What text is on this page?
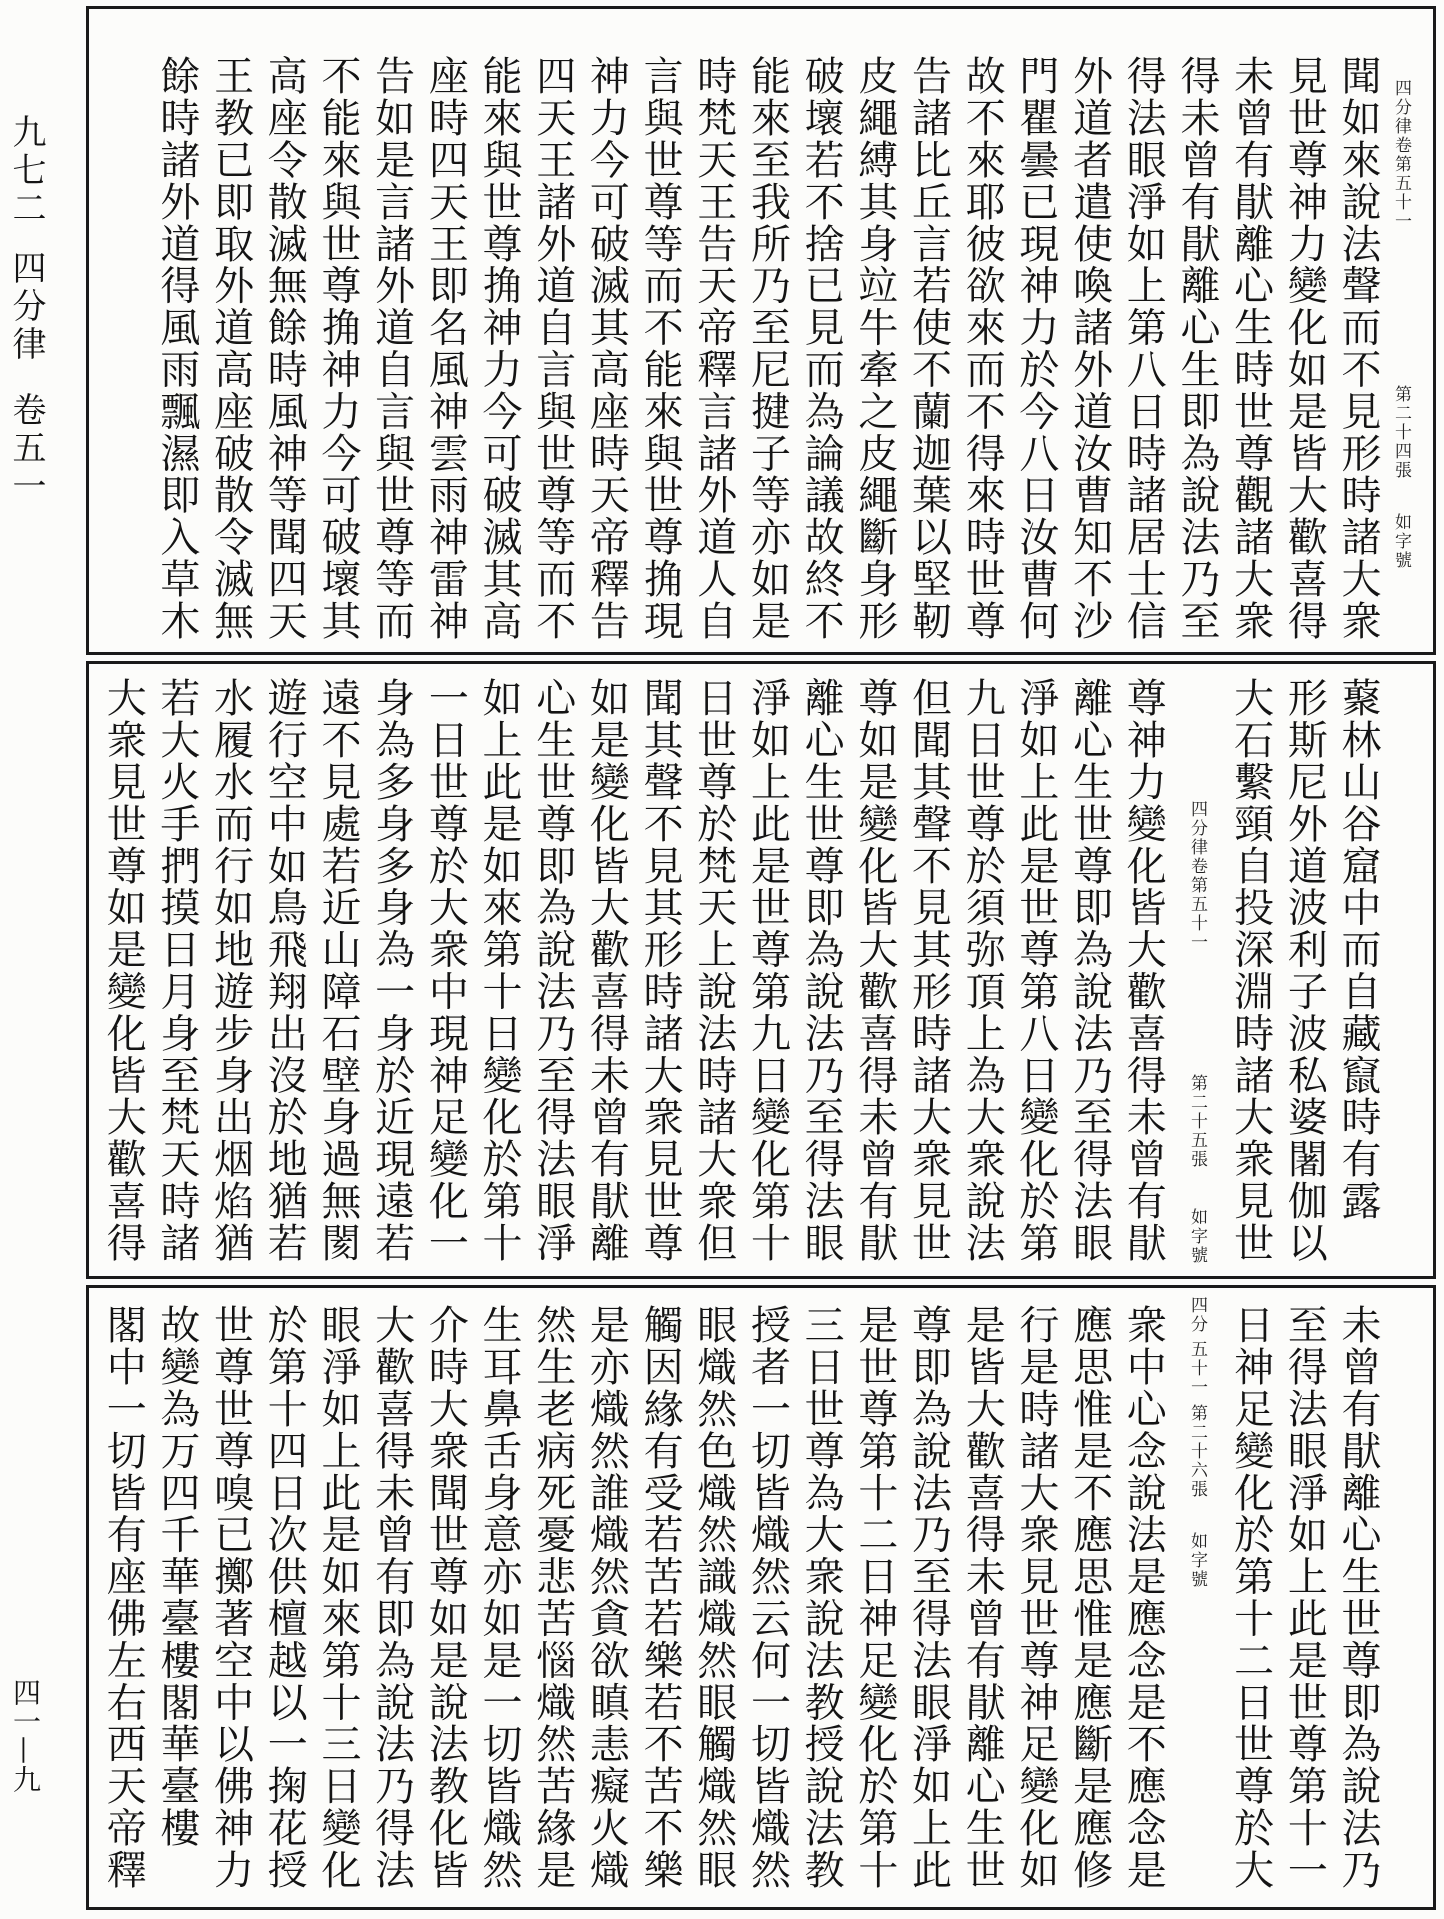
九七二
四分律
卷五一
四一—九
四分律卷第五十一
第二十四張
如字號
聞如來說法聲而不見形時諸大衆
見世尊神力變化如是皆大歡喜得
未曾有猒離心生時世尊觀諸大衆
得未曾有猒離心生即為說法乃至
得法眼淨如上第八日時諸居士信
外道者遣使喚諸外道汝曹知不沙
門瞿曇已現神力於今八日汝曹何
故不來耶彼欲來而不得來時世尊
告諸比丘言若使不蘭迦葉以堅靭
皮繩縛其身竝牛牽之皮繩斷身形
破壞若不捨已見而為論議故終不
能來至我所乃至尼揵子等亦如是
時梵天王告天帝釋言諸外道人自
言與世尊等而不能來與世尊捔現
神力今可破滅其高座時天帝釋告
四天王諸外道自言與世尊等而不
能來與世尊捔神力今可破滅其高
座時四天王即名風神雲雨神雷神
告如是言諸外道自言與世尊等而
不能來與世尊捔神力今可破壞其
高座令散滅無餘時風神等聞四天
王教已即取外道高座破散令滅無
餘時諸外道得風雨飄濕即入草木
藂林山谷窟中而自藏竄時有露
形斯尼外道波利子波私婆闍伽以
大石繫頸自投深淵時諸大衆見世
四分律卷第五十一
第二十五張
如字號
尊神力變化皆大歡喜得未曾有猒
離心生世尊即為說法乃至得法眼
淨如上此是世尊第八日變化於第
九日世尊於須弥頂上為大衆說法
但聞其聲不見其形時諸大衆見世
尊如是變化皆大歡喜得未曾有猒
離心生世尊即為說法乃至得法眼
淨如上此是世尊第九日變化第十
日世尊於梵天上說法時諸大衆但
聞其聲不見其形時諸大衆見世尊
如是變化皆大歡喜得未曾有猒離
心生世尊即為說法乃至得法眼淨
如上此是如來第十日變化於第十
一日世尊於大衆中現神足變化一
身為多身多身為一身於近現遠若
遠不見處若近山障石壁身過無閡
遊行空中如鳥飛翔出沒於地猶若
水履水而行如地遊步身出烟焰猶
若大火手捫摸日月身至梵天時諸
大衆見世尊如是變化皆大歡喜得
未曾有猒離心生世尊即為說法乃
至得法眼淨如上此是世尊第十一
日神足變化於第十二日世尊於大
四分
五十一
第二十六張
如字號
衆中心念說法是應念是不應念是
應思惟是不應思惟是應斷是應修
行是時諸大衆見世尊神足變化如
是皆大歡喜得未曾有猒離心生世
尊即為說法乃至得法眼淨如上此
是世尊第十二日神足變化於第十
三日世尊為大衆說法教授說法教
授者一切皆熾然云何一切皆熾然
眼熾然色熾然識熾然眼觸熾然眼
觸因緣有受若苦若樂若不苦不樂
是亦熾然誰熾然貪欲瞋恚癡火熾
然生老病死憂悲苦惱熾然苦緣是
生耳鼻舌身意亦如是一切皆熾然
介時大衆聞世尊如是說法教化皆
大歡喜得未曾有即為說法乃得法
眼淨如上此是如來第十三日變化
於第十四日次供檀越以一掬花授
世尊世尊嗅已擲著空中以佛神力
故變為万四千華臺樓閣華臺樓
閣中一切皆有座佛左右西天帝釋
